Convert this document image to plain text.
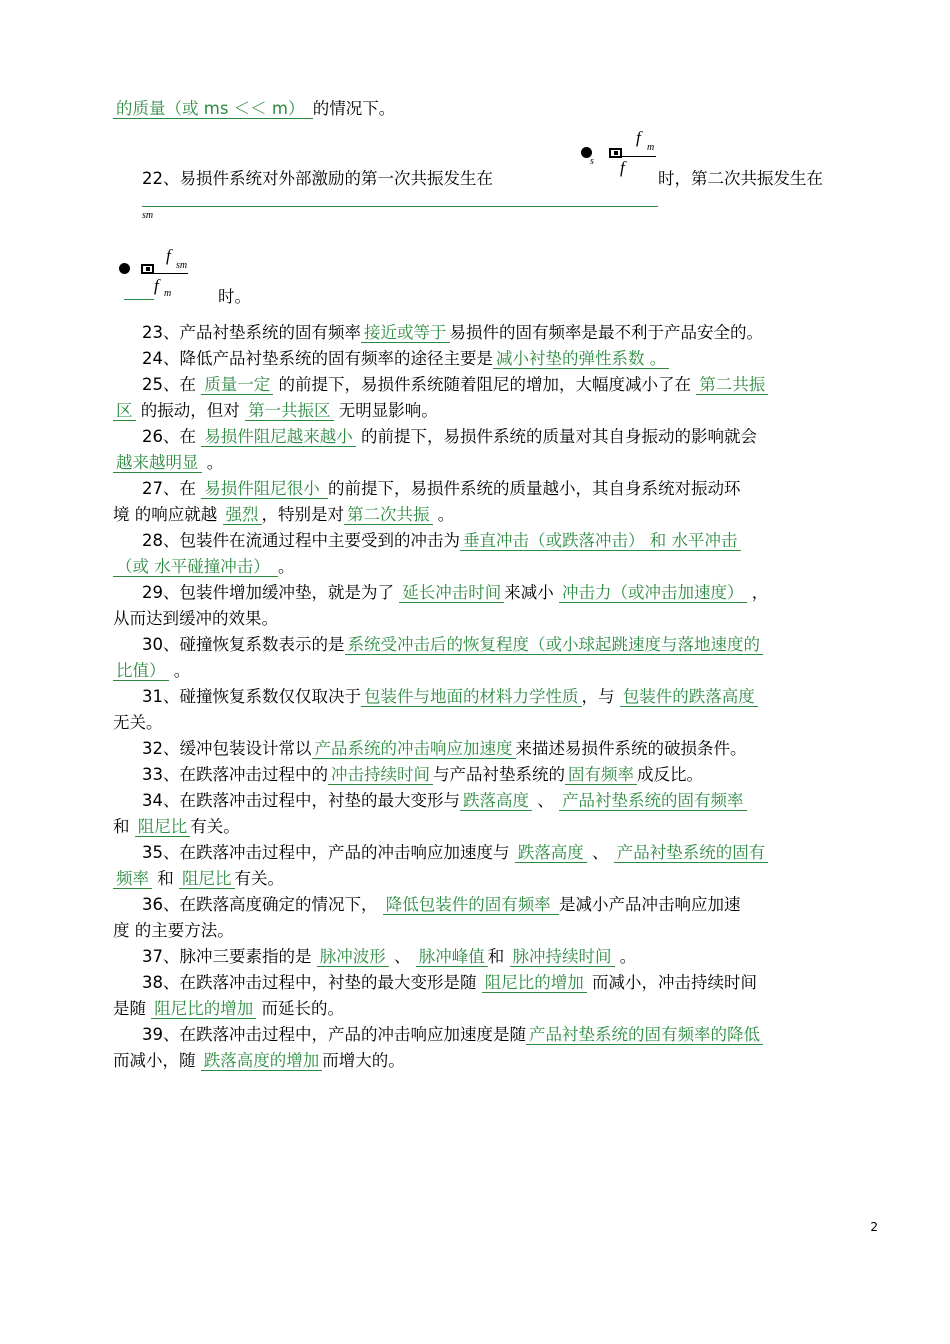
的质量（或 ms ＜＜ m） 的情况下。
22、易损件系统对外部激励的第一次共振发生在	时，第二次共振发生在
s
f
m
f
sm
f
sm
f m	时。
23、产品衬垫系统的固有频率 接近或等于 易损件的固有频率是最不利于产品安全的。
24、降低产品衬垫系统的固有频率的途径主要是 减小衬垫的弹性系数 。
25、在 质量一定 的前提下，易损件系统随着阻尼的增加，大幅度减小了在 第二共振
区 的振动，但对 第一共振区 无明显影响。
26、在 易损件阻尼越来越小 的前提下，易损件系统的质量对其自身振动的影响就会
越来越明显 。
27、在 易损件阻尼很小 的前提下，易损件系统的质量越小，其自身系统对振动环
境 的响应就越 强烈 ，特别是对 第二次共振 。
28、包装件在流通过程中主要受到的冲击为 垂直冲击（或跌落冲击） 和 水平冲击
（或 水平碰撞冲击） 。
29、包装件增加缓冲垫，就是为了 延长冲击时间 来减小 冲击力（或冲击加速度） ，
从而达到缓冲的效果。
30、碰撞恢复系数表示的是 系统受冲击后的恢复程度（或小球起跳速度与落地速度的
比值） 。
31、碰撞恢复系数仅仅取决于 包装件与地面的材料力学性质 ，与 包装件的跌落高度
无关。
32、缓冲包装设计常以 产品系统的冲击响应加速度 来描述易损件系统的破损条件。
33、在跌落冲击过程中的 冲击持续时间 与产品衬垫系统的 固有频率 成反比。
34、在跌落冲击过程中，衬垫的最大变形与 跌落高度 、 产品衬垫系统的固有频率
和 阻尼比 有关。
35、在跌落冲击过程中，产品的冲击响应加速度与 跌落高度 、 产品衬垫系统的固有
频率 和 阻尼比 有关。
36、在跌落高度确定的情况下， 降低包装件的固有频率 是减小产品冲击响应加速
度 的主要方法。
37、脉冲三要素指的是 脉冲波形 、 脉冲峰值 和 脉冲持续时间 。
38、在跌落冲击过程中，衬垫的最大变形是随 阻尼比的增加 而减小，冲击持续时间
是随 阻尼比的增加 而延长的。
39、在跌落冲击过程中，产品的冲击响应加速度是随 产品衬垫系统的固有频率的降低
而减小，随 跌落高度的增加 而增大的。
2
